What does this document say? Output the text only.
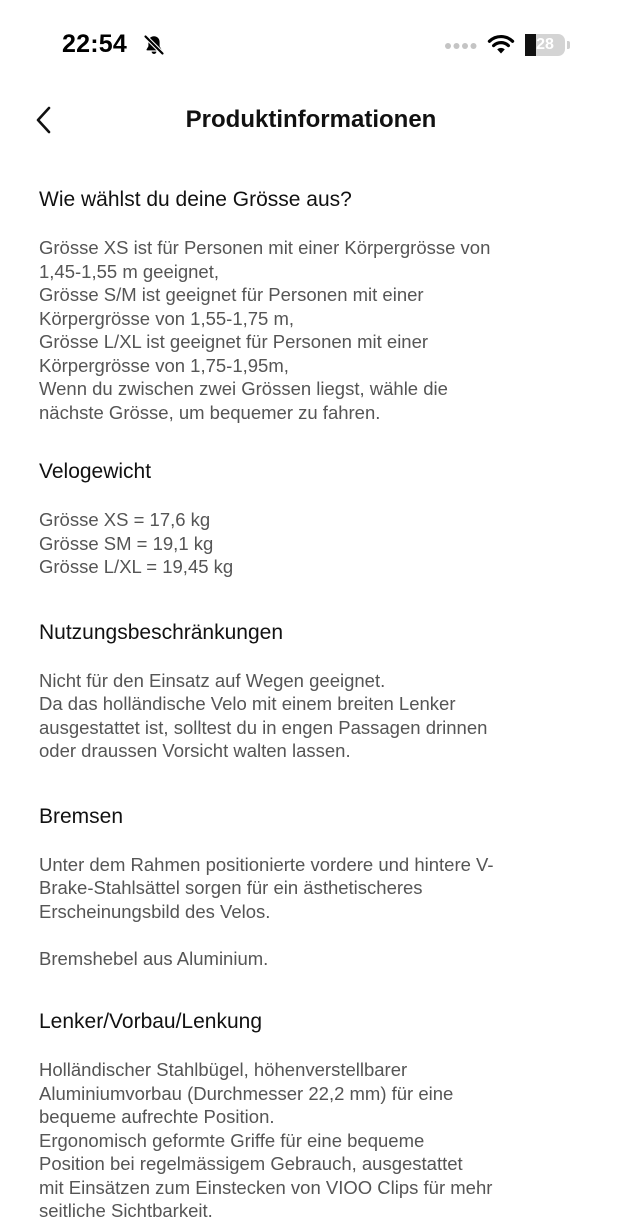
22:54	28
Produktinformationen
Wie wählst du deine Grösse aus?

Grösse XS ist für Personen mit einer Körpergrösse von
1,45-1,55 m geeignet,
Grösse S/M ist geeignet für Personen mit einer
Körpergrösse von 1,55-1,75 m,
Grösse L/XL ist geeignet für Personen mit einer
Körpergrösse von 1,75-1,95m,
Wenn du zwischen zwei Grössen liegst, wähle die
nächste Grösse, um bequemer zu fahren.

Velogewicht

Grösse XS = 17,6 kg
Grösse SM = 19,1 kg
Grösse L/XL = 19,45 kg

Nutzungsbeschränkungen

Nicht für den Einsatz auf Wegen geeignet.
Da das holländische Velo mit einem breiten Lenker
ausgestattet ist, solltest du in engen Passagen drinnen
oder draussen Vorsicht walten lassen.

Bremsen

Unter dem Rahmen positionierte vordere und hintere V-
Brake-Stahlsättel sorgen für ein ästhetischeres
Erscheinungsbild des Velos.
Bremshebel aus Aluminium.

Lenker/Vorbau/Lenkung

Holländischer Stahlbügel, höhenverstellbarer
Aluminiumvorbau (Durchmesser 22,2 mm) für eine
bequeme aufrechte Position.
Ergonomisch geformte Griffe für eine bequeme
Position bei regelmässigem Gebrauch, ausgestattet
mit Einsätzen zum Einstecken von VIOO Clips für mehr
seitliche Sichtbarkeit.
